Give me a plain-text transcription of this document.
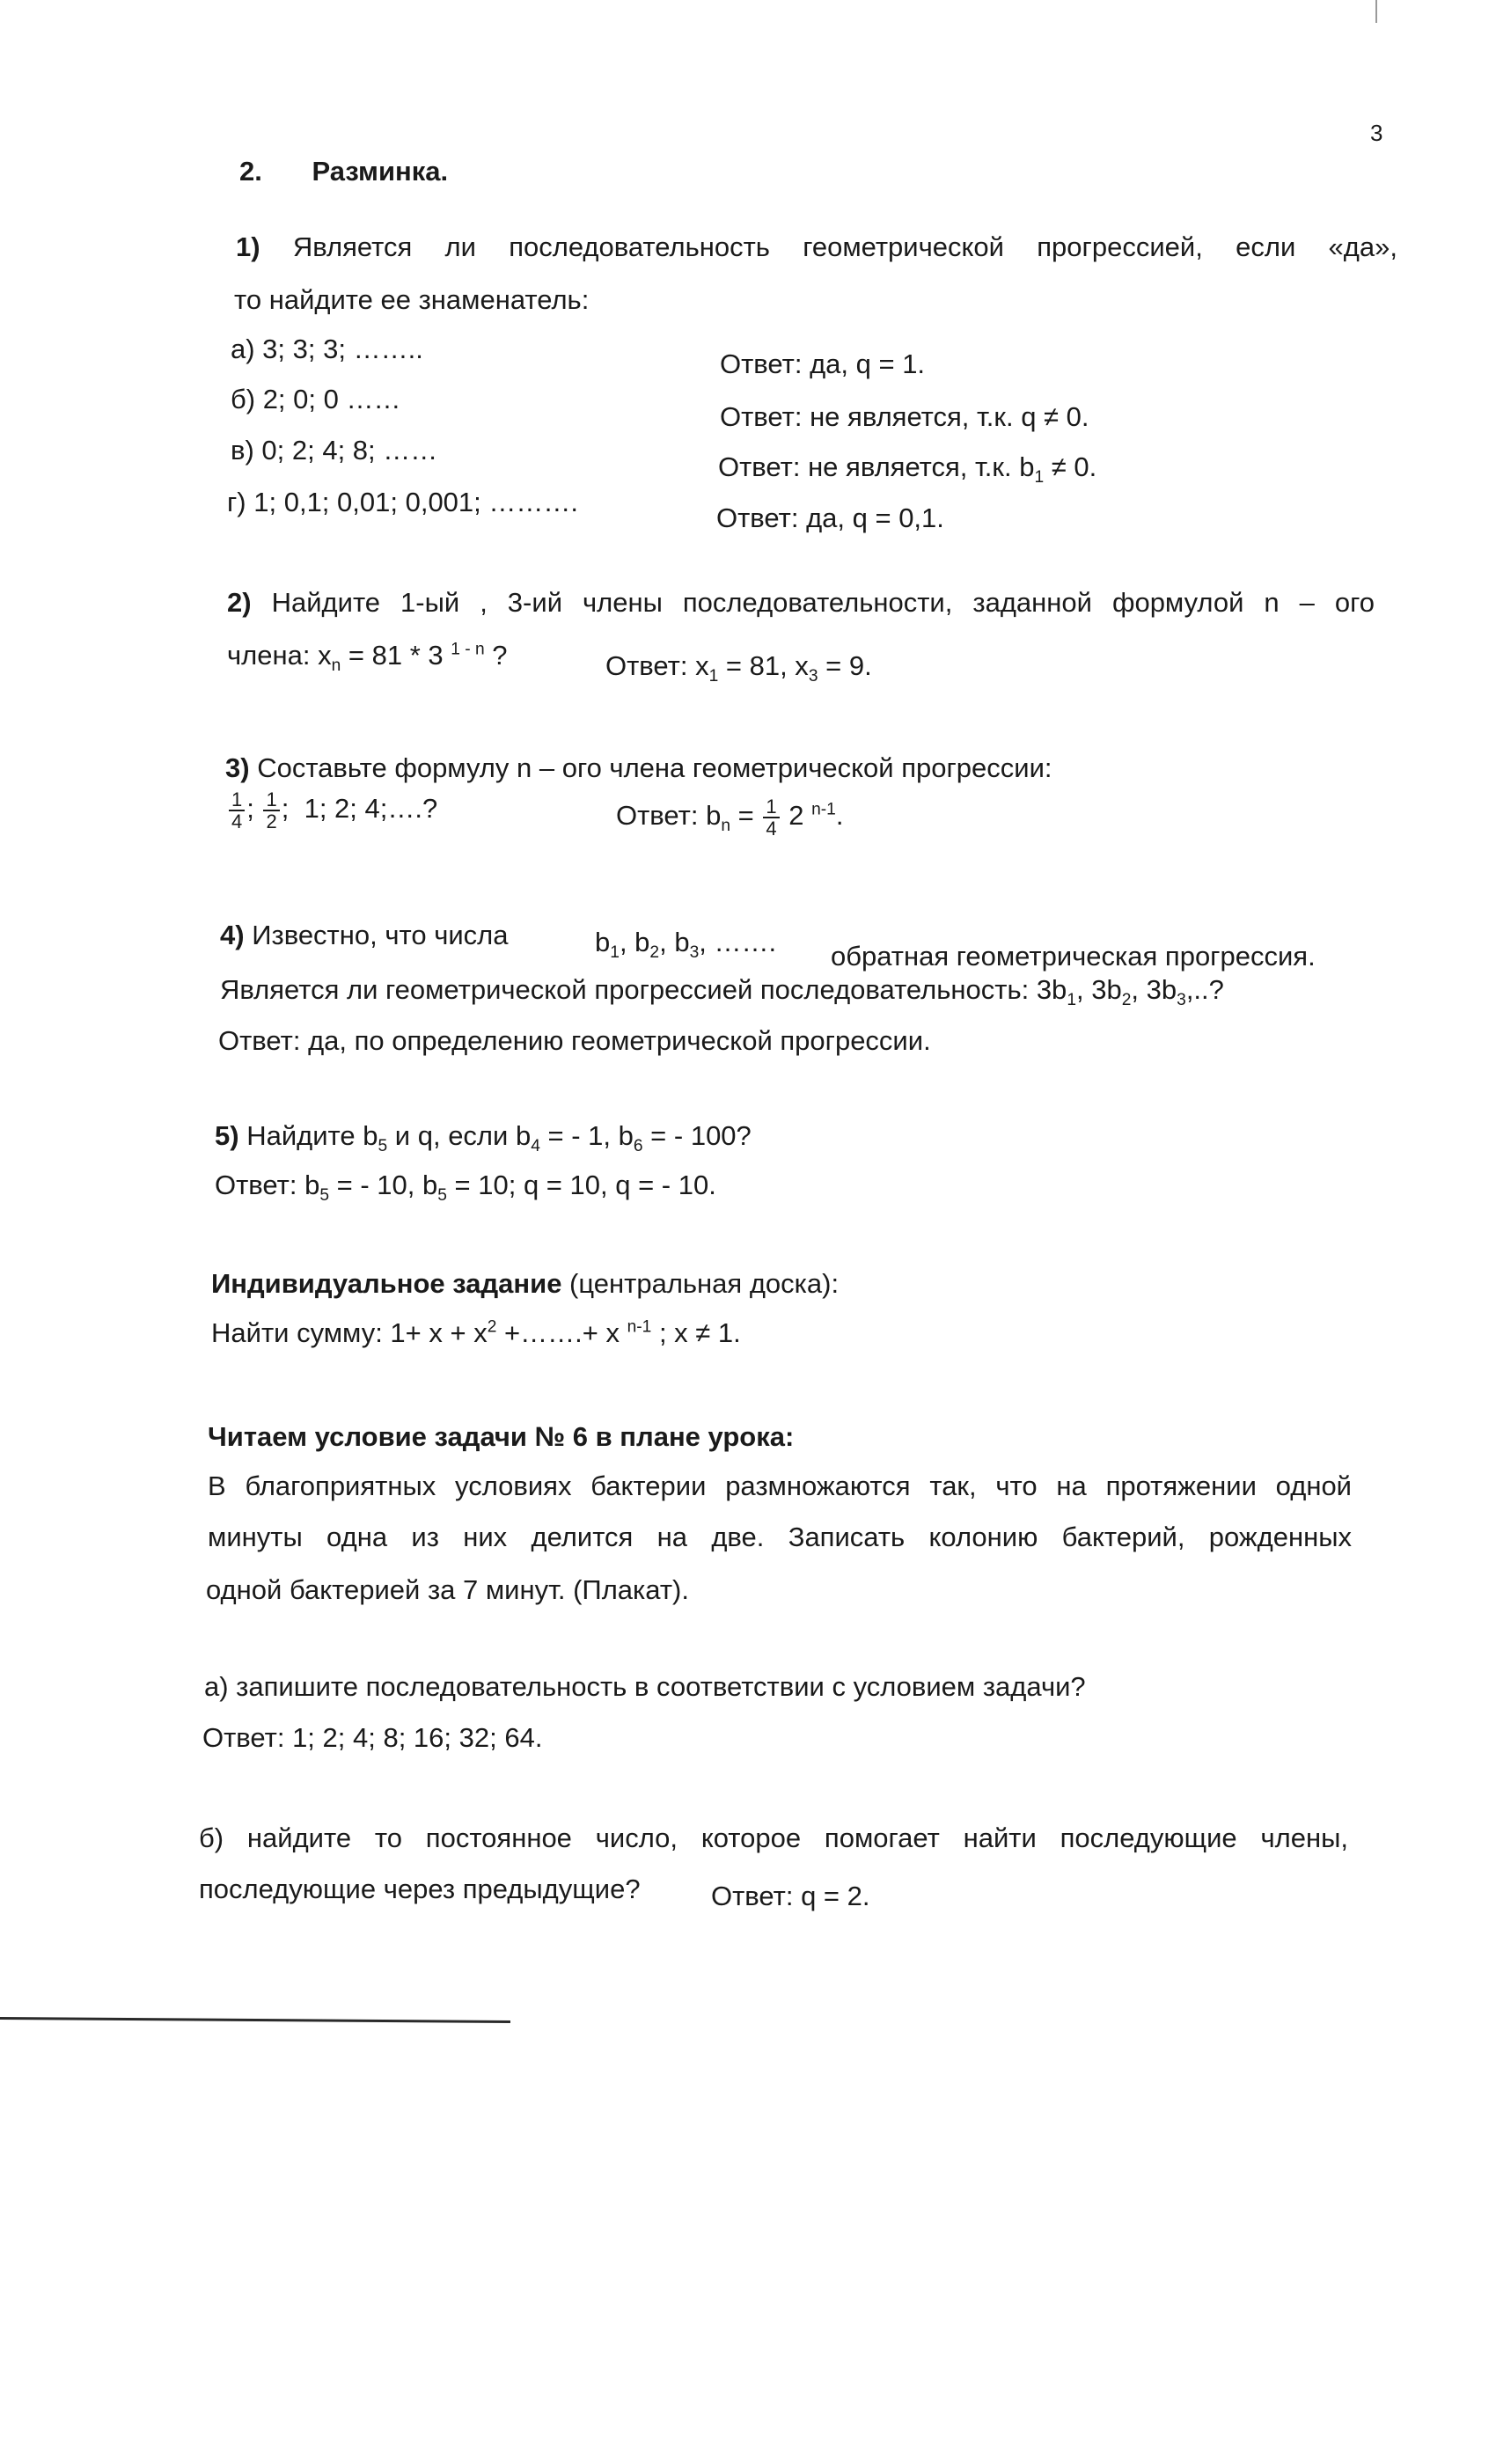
3
2. Разминка.
1) Является ли последовательность геометрической прогрессией, если «да»,
то найдите ее знаменатель:
а) 3; 3; 3; ……..	Ответ: да, q = 1.
б) 2; 0; 0 ……
Ответ: не является, т.к. q ≠ 0.
в) 0; 2; 4; 8; ……
Ответ: не является, т.к. $b_1 \ne 0$.
г) 1; 0,1; 0,01; 0,001; ……….
Ответ: да, q = 0,1.
2) Найдите 1-ый , 3-ий члены последовательности, заданной формулой n – ого
члена: $x_n = 81 * 3$ $^{1 - n}$ ?	Ответ: $x_1 = 81$, $x_3 = 9$.
3) Составьте формулу n – ого члена геометрической прогрессии:
$\frac{1}{4}$ ; $\frac{1}{2}$ ;  1; 2; 4;….?	Ответ: $b_n = \frac{1}{4} 2$ $^{n-1}$.
4) Известно, что числа	$b_1$, $b_2$, $b_3$, ……. обратная геометрическая прогрессия.
Является ли геометрической прогрессией последовательность: $3b_1$, $3b_2$, $3b_3$,..?
Ответ: да, по определению геометрической прогрессии.
5) Найдите $b_5$ и q, если $b_4$ = - 1, $b_6$ = - 100?
Ответ: $b_5$ = - 10, $b_5 = 10$; q = 10, q = - 10.
Индивидуальное задание (центральная доска):
Найти сумму: $1+ x + x^2$ +…….+ x $^{n-1}$ ; x ≠ 1.
Читаем условие задачи № 6 в плане урока:
В благоприятных условиях бактерии размножаются так, что на протяжении одной
минуты одна из них делится на две. Записать колонию бактерий, рожденных
одной бактерией за 7 минут. (Плакат).
а) запишите последовательность в соответствии с условием задачи?
Ответ: 1; 2; 4; 8; 16; 32; 64.
б) найдите то постоянное число, которое помогает найти последующие члены,
последующие через предыдущие?	Ответ: q = 2.
